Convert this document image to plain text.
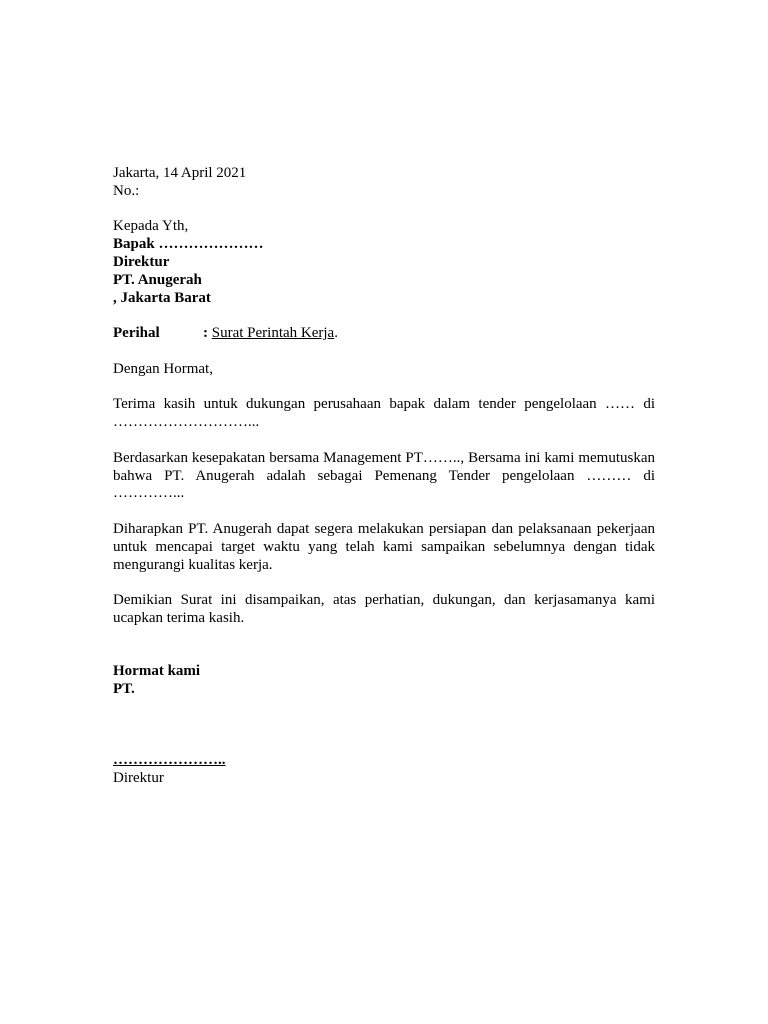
Jakarta, 14 April 2021
No.:
Kepada Yth,
Bapak …………………
Direktur
PT. Anugerah
, Jakarta Barat
Perihal	: Surat Perintah Kerja.
Dengan Hormat,

Terima kasih untuk dukungan perusahaan bapak dalam tender pengelolaan …… di ………………………...

Berdasarkan kesepakatan bersama Management PT…….., Bersama ini kami memutuskan bahwa PT. Anugerah adalah sebagai Pemenang Tender pengelolaan ……… di …………...

Diharapkan PT. Anugerah dapat segera melakukan persiapan dan pelaksanaan pekerjaan untuk mencapai target waktu yang telah kami sampaikan sebelumnya dengan tidak mengurangi kualitas kerja.

Demikian Surat ini disampaikan, atas perhatian, dukungan, dan kerjasamanya kami ucapkan terima kasih.

Hormat kami
PT.
…………………..
Direktur
